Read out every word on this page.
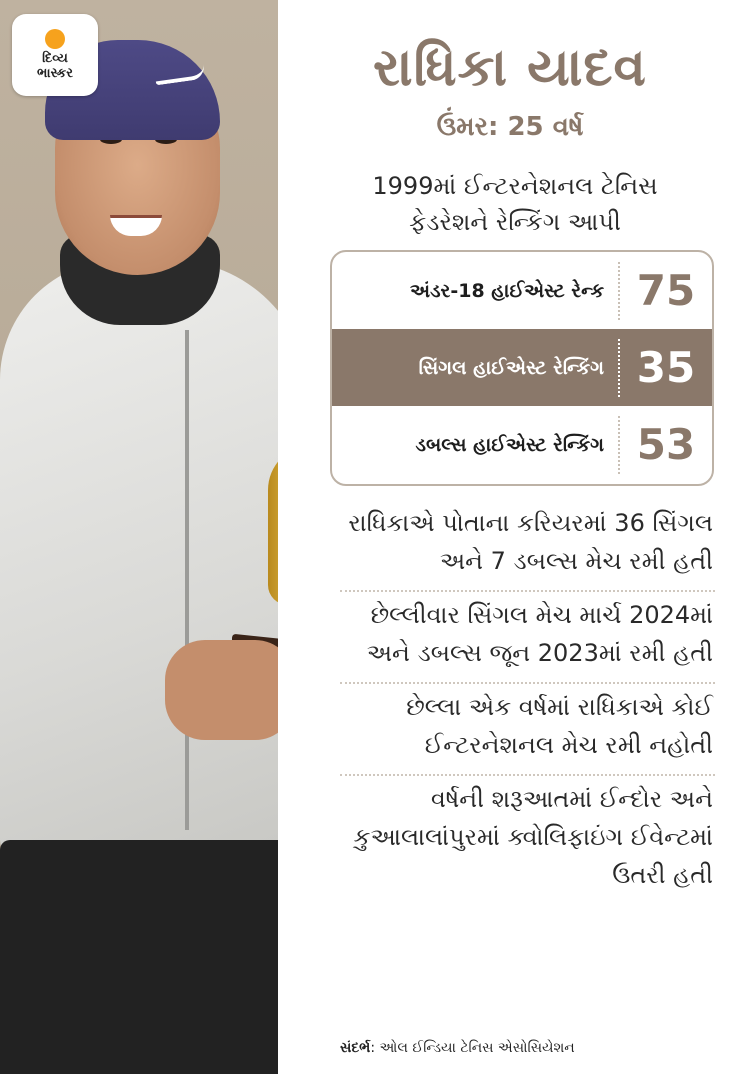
દિવ્ય
ભાસ્કર	રાધિકા યાદવ
ઉંમર: 25 વર્ષ
1999માં ઈન્ટરનેશનલ ટેનિસ ફેડરેશને રેન્કિંગ આપી
અંડર-18 હાઈએસ્ટ રેન્ક 75
સિંગલ હાઈએસ્ટ રેન્કિંગ 35
ડબલ્સ હાઈએસ્ટ રેન્કિંગ 53
રાધિકાએ પોતાના કરિયરમાં 36 સિંગલ અને 7 ડબલ્સ મેચ રમી હતી
છેલ્લીવાર સિંગલ મેચ માર્ચ 2024માં અને ડબલ્સ જૂન 2023માં રમી હતી
છેલ્લા એક વર્ષમાં રાધિકાએ કોઈ ઈન્ટરનેશનલ મેચ રમી નહોતી
વર્ષની શરૂઆતમાં ઈન્દોર અને કુઆલાલાંપુરમાં ક્વોલિફાઇંગ ઈવેન્ટમાં ઉતરી હતી
સંદર્ભ: ઓલ ઈન્ડિયા ટેનિસ એસોસિયેશન
